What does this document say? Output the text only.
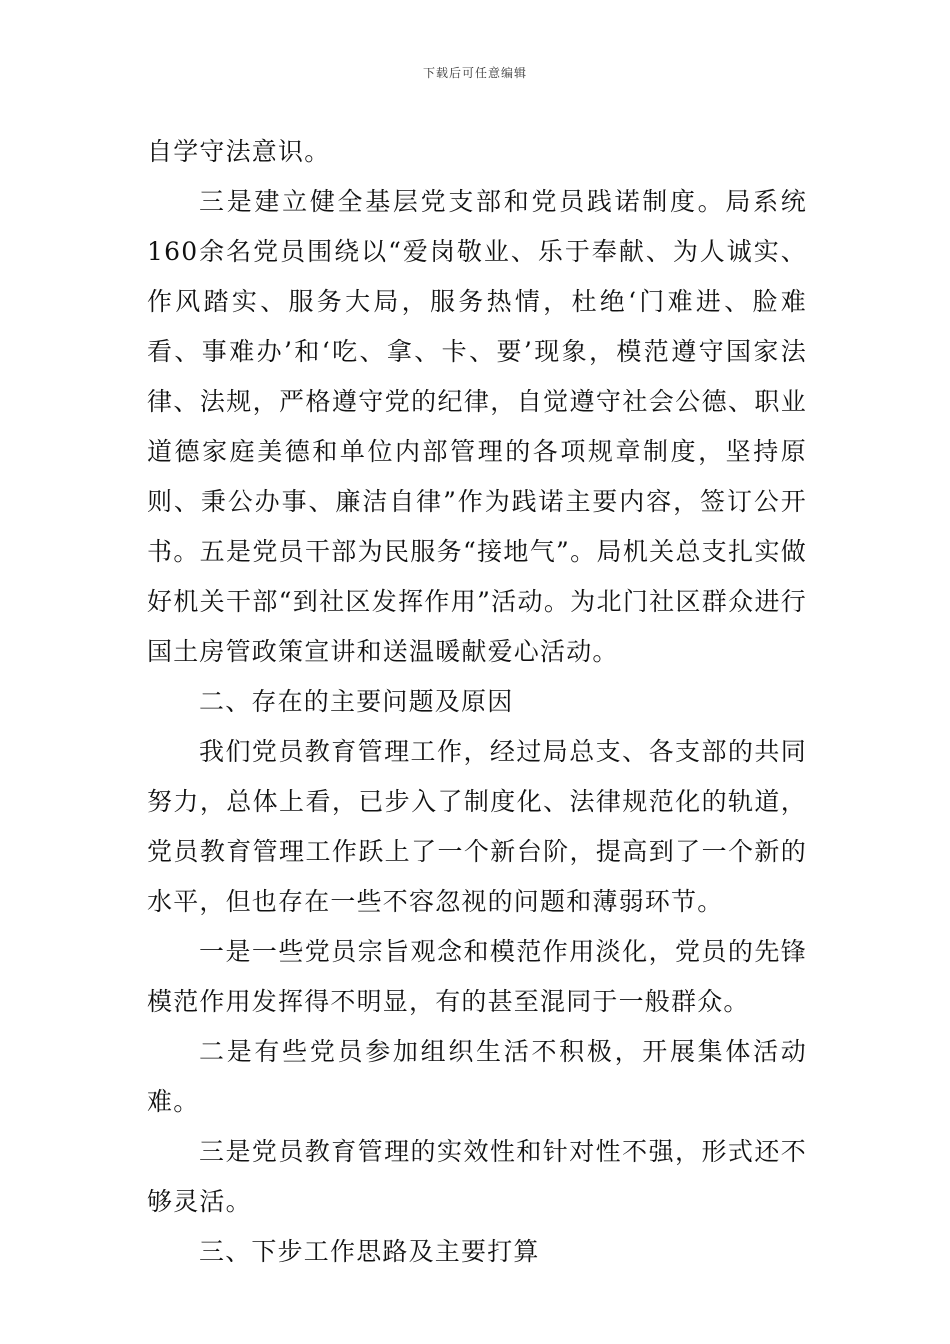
下载后可任意编辑

自学守法意识。

三是建立健全基层党支部和党员践诺制度。局系统160余名党员围绕以“爱岗敬业、乐于奉献、为人诚实、作风踏实、服务大局，服务热情，杜绝‘门难进、脸难看、事难办’和‘吃、拿、卡、要’现象，模范遵守国家法律、法规，严格遵守党的纪律，自觉遵守社会公德、职业道德家庭美德和单位内部管理的各项规章制度，坚持原则、秉公办事、廉洁自律”作为践诺主要内容，签订公开书。五是党员干部为民服务“接地气”。局机关总支扎实做好机关干部“到社区发挥作用”活动。为北门社区群众进行国土房管政策宣讲和送温暖献爱心活动。

二、存在的主要问题及原因

我们党员教育管理工作，经过局总支、各支部的共同努力，总体上看，已步入了制度化、法律规范化的轨道，党员教育管理工作跃上了一个新台阶，提高到了一个新的水平，但也存在一些不容忽视的问题和薄弱环节。

一是一些党员宗旨观念和模范作用淡化，党员的先锋模范作用发挥得不明显，有的甚至混同于一般群众。

二是有些党员参加组织生活不积极，开展集体活动难。

三是党员教育管理的实效性和针对性不强，形式还不够灵活。

三、下步工作思路及主要打算
